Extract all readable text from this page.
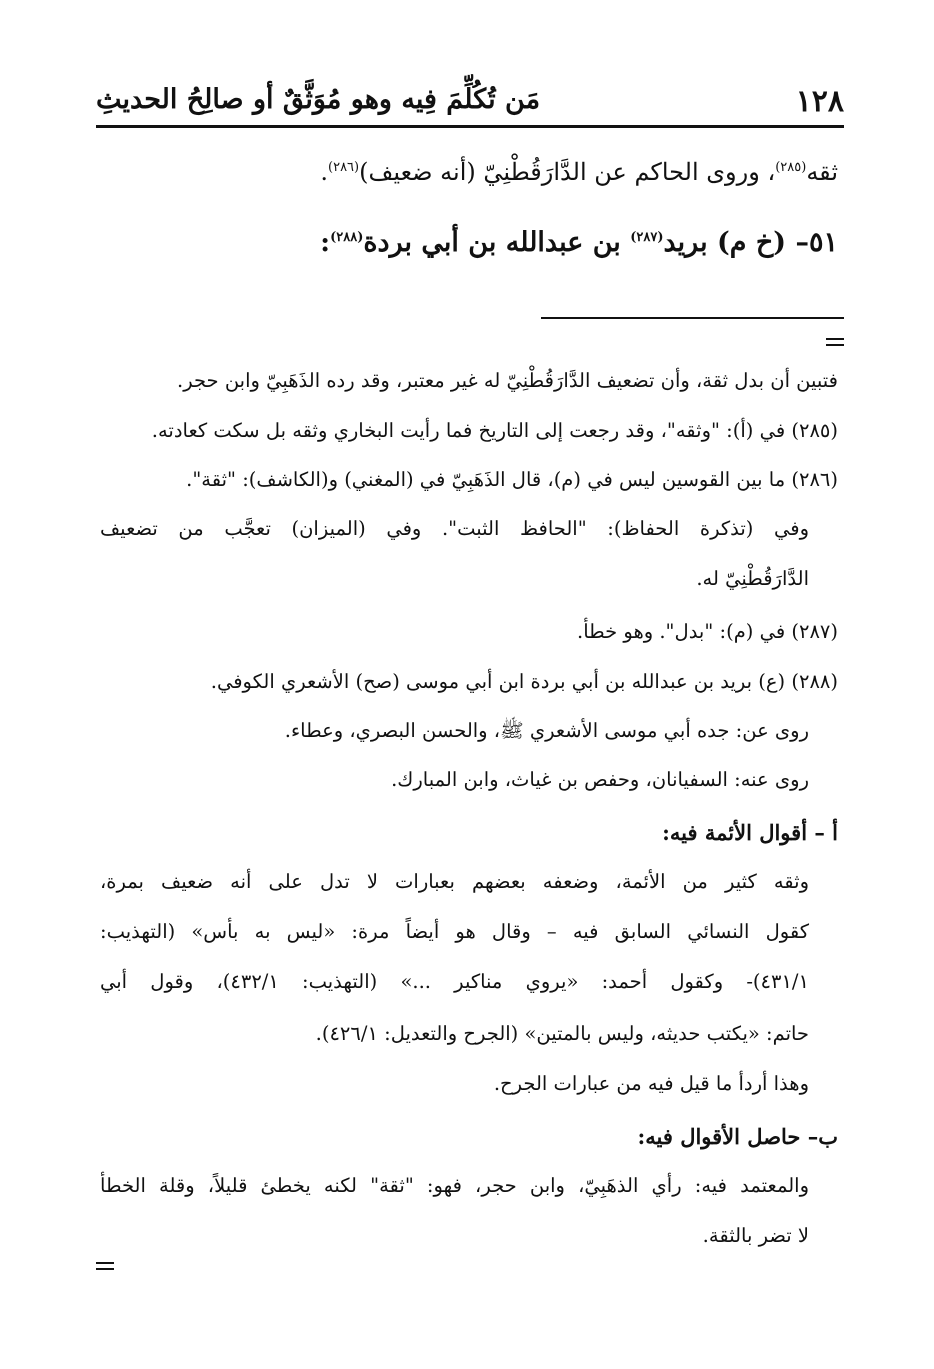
١٢٨
مَن تُكُلِّمَ فِيه وهو مُوَثَّقٌ أو صالِحُ الحديثِ
ثقه$^{(٢٨٥)}$، وروى الحاكم عن الدَّارَقُطْنِيّ (أنه ضعيف)$^{(٢٨٦)}$.
٥١– (خ م) بريد$^{(٢٨٧)}$ بن عبدالله بن أبي بردة$^{(٢٨٨)}$:
فتبين أن بدل ثقة، وأن تضعيف الدَّارَقُطْنِيّ له غير معتبر، وقد رده الذَهَبِيّ وابن حجر.
(٢٨٥) في (أ): "وثقه"، وقد رجعت إلى التاريخ فما رأيت البخاري وثقه بل سكت كعادته.
(٢٨٦) ما بين القوسين ليس في (م)، قال الذَهَبِيّ في (المغني) و(الكاشف): "ثقة".
وفي (تذكرة الحفاظ): "الحافظ الثبت". وفي (الميزان) تعجَّب من تضعيف
الدَّارَقُطْنِيّ له.
(٢٨٧) في (م): "بدل". وهو خطأ.
(٢٨٨) (ع) بريد بن عبدالله بن أبي بردة ابن أبي موسى (صح) الأشعري الكوفي.
روى عن: جده أبي موسى الأشعري ﷺ، والحسن البصري، وعطاء.
روى عنه: السفيانان، وحفص بن غياث، وابن المبارك.
أ – أقوال الأئمة فيه:
وثقه كثير من الأئمة، وضعفه بعضهم بعبارات لا تدل على أنه ضعيف بمرة،
كقول النسائي السابق فيه – وقال هو أيضاً مرة: «ليس به بأس» (التهذيب:
٤٣١/١)- وكقول أحمد: «يروي مناكير ...» (التهذيب: ٤٣٢/١)، وقول أبي
حاتم: «يكتب حديثه، وليس بالمتين» (الجرح والتعديل: ٤٢٦/١).
وهذا أردأ ما قيل فيه من عبارات الجرح.
ب– حاصل الأقوال فيه:
والمعتمد فيه: رأي الذهَبِيّ، وابن حجر، فهو: "ثقة" لكنه يخطئ قليلاً، وقلة الخطأ
لا تضر بالثقة.
